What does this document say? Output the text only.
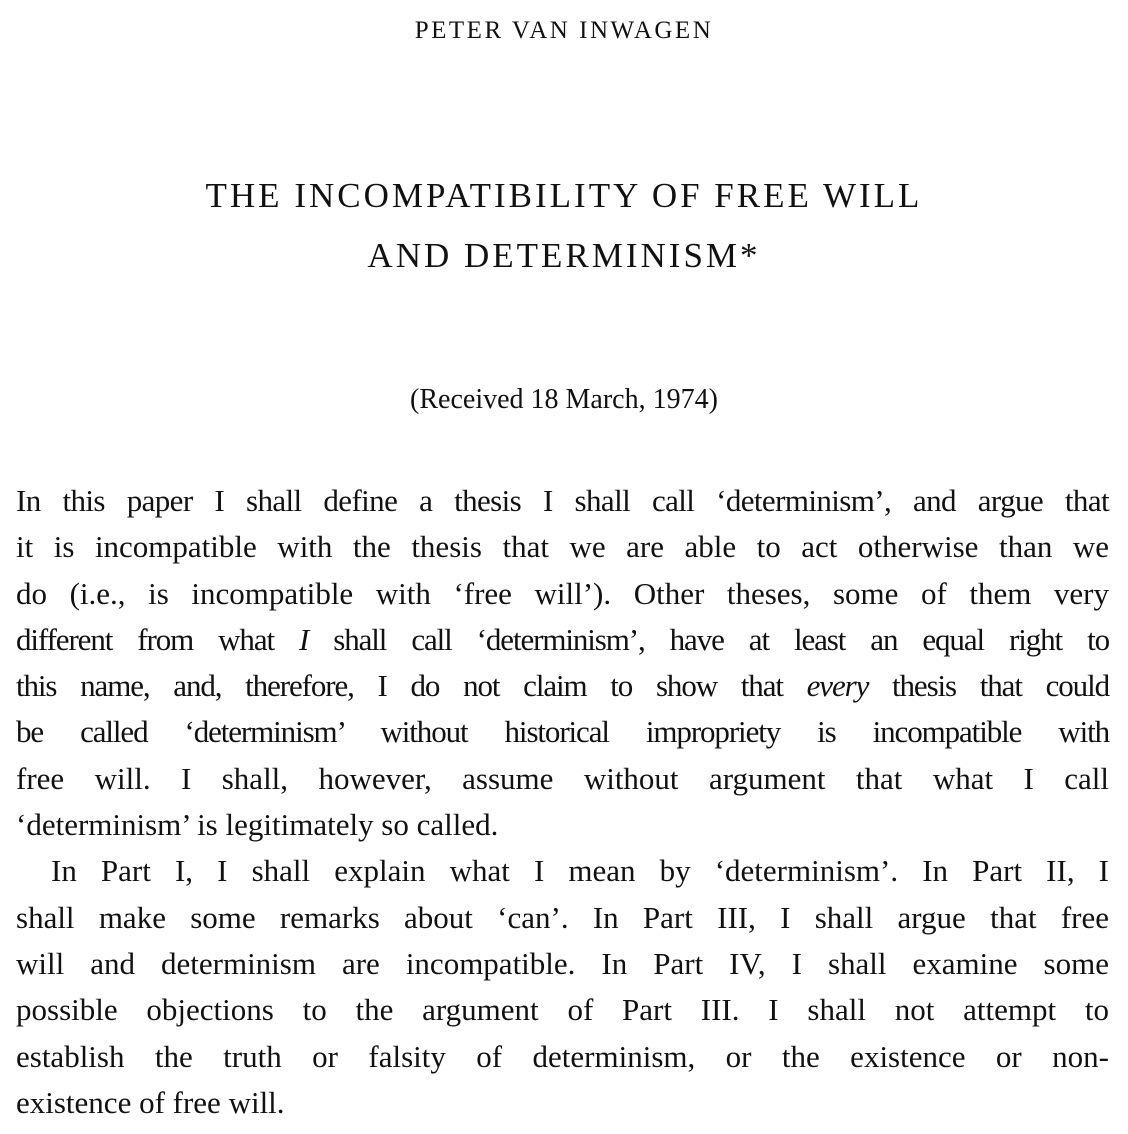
PETER VAN INWAGEN
THE INCOMPATIBILITY OF FREE WILL
AND DETERMINISM*
(Received 18 March, 1974)
In this paper I shall define a thesis I shall call ‘determinism’, and argue that
it is incompatible with the thesis that we are able to act otherwise than we
do (i.e., is incompatible with ‘free will’). Other theses, some of them very
different from what I shall call ‘determinism’, have at least an equal right to
this name, and, therefore, I do not claim to show that every thesis that could
be called ‘determinism’ without historical impropriety is incompatible with
free will. I shall, however, assume without argument that what I call
‘determinism’ is legitimately so called.
In Part I, I shall explain what I mean by ‘determinism’. In Part II, I
shall make some remarks about ‘can’. In Part III, I shall argue that free
will and determinism are incompatible. In Part IV, I shall examine some
possible objections to the argument of Part III. I shall not attempt to
establish the truth or falsity of determinism, or the existence or non-
existence of free will.
